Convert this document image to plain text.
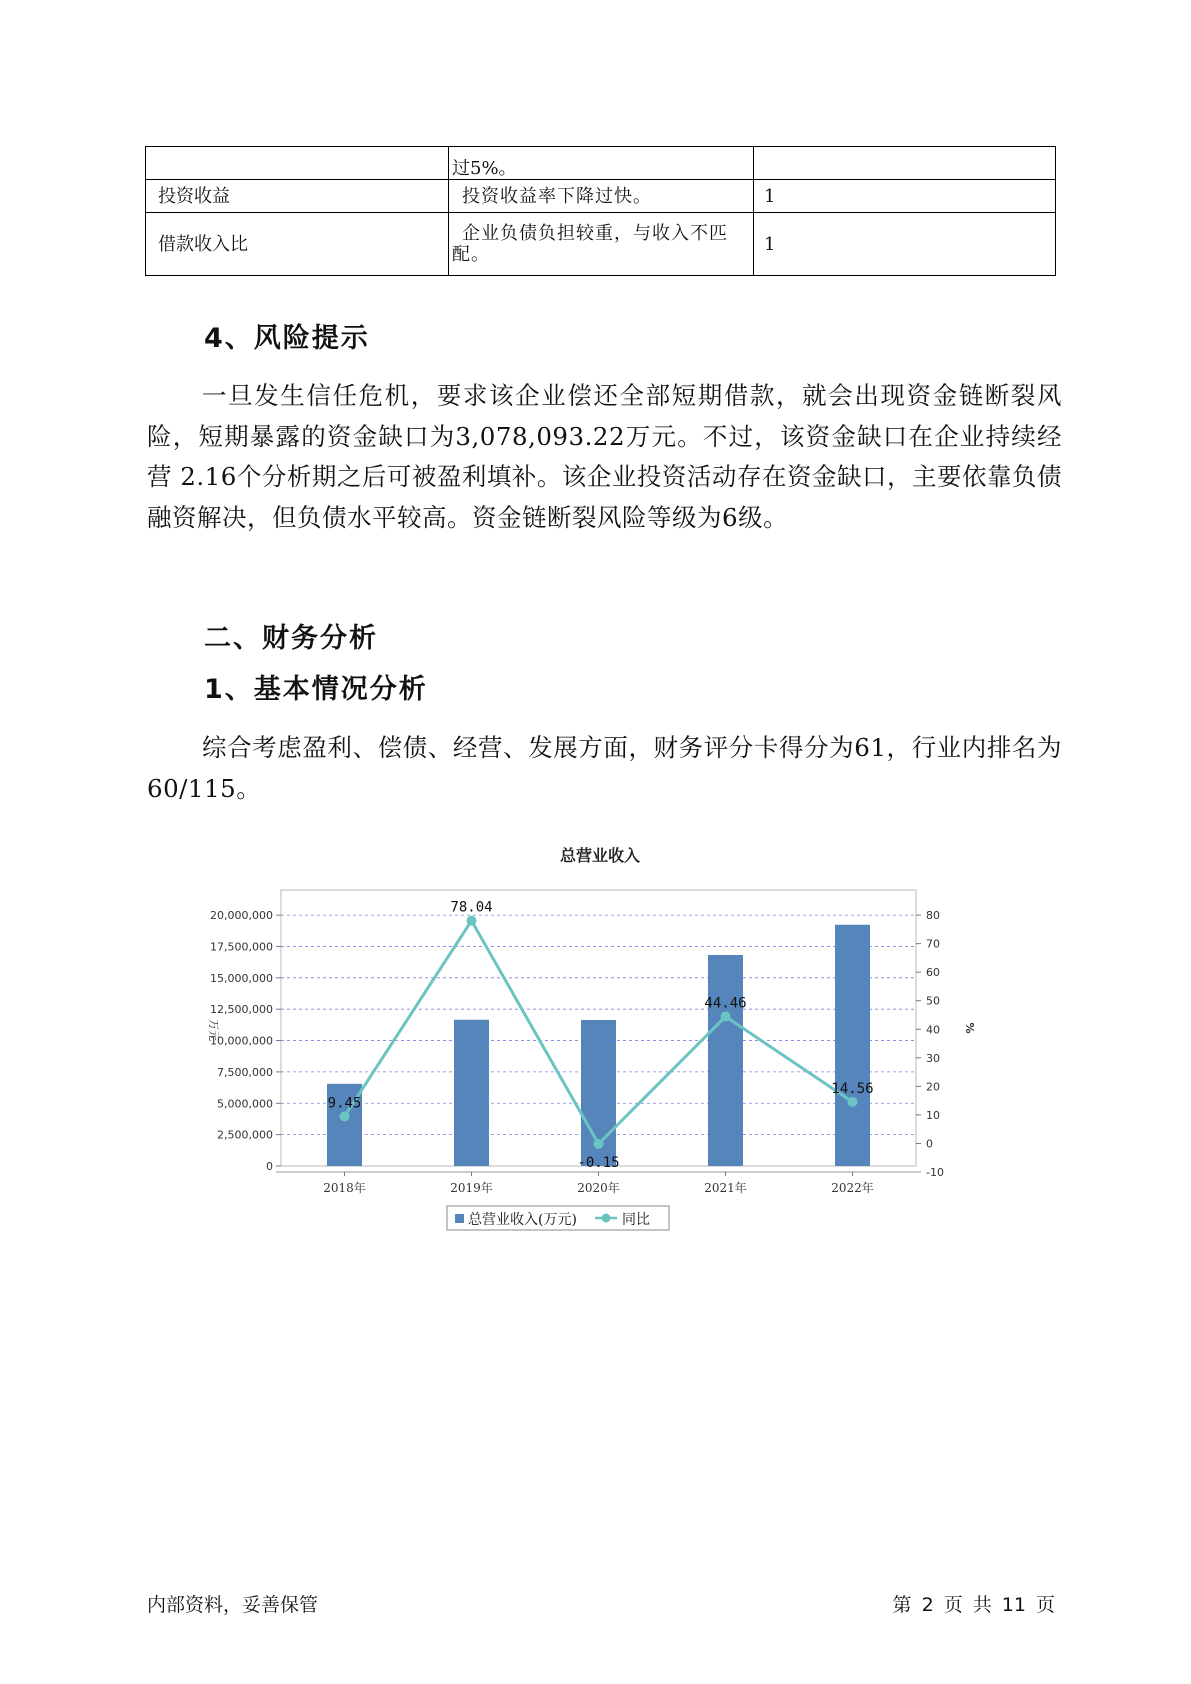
	过5%。	
投资收益	投资收益率下降过快。	1
借款收入比	企业负债负担较重，与收入不匹配。	1
4、风险提示

一旦发生信任危机，要求该企业偿还全部短期借款，就会出现资金链断裂风险，短期暴露的资金缺口为3,078,093.22万元。不过，该资金缺口在企业持续经营 2.16个分析期之后可被盈利填补。该企业投资活动存在资金缺口，主要依靠负债融资解决，但负债水平较高。资金链断裂风险等级为6级。

二、财务分析
1、基本情况分析

综合考虑盈利、偿债、经营、发展方面，财务评分卡得分为61，行业内排名为60/115。

总营业收入
0
2,500,000
5,000,000
7,500,000
10,000,000
12,500,000
15,000,000
17,500,000
20,000,000
-10
0
10
20
30
40
50
60
70
80
2018年	2019年	2020年	2021年	2022年
9.45
78.04
-0.15
44.46
14.56
万元	%
总营业收入(万元)	同比

内部资料，妥善保管	第 2 页 共 11 页
